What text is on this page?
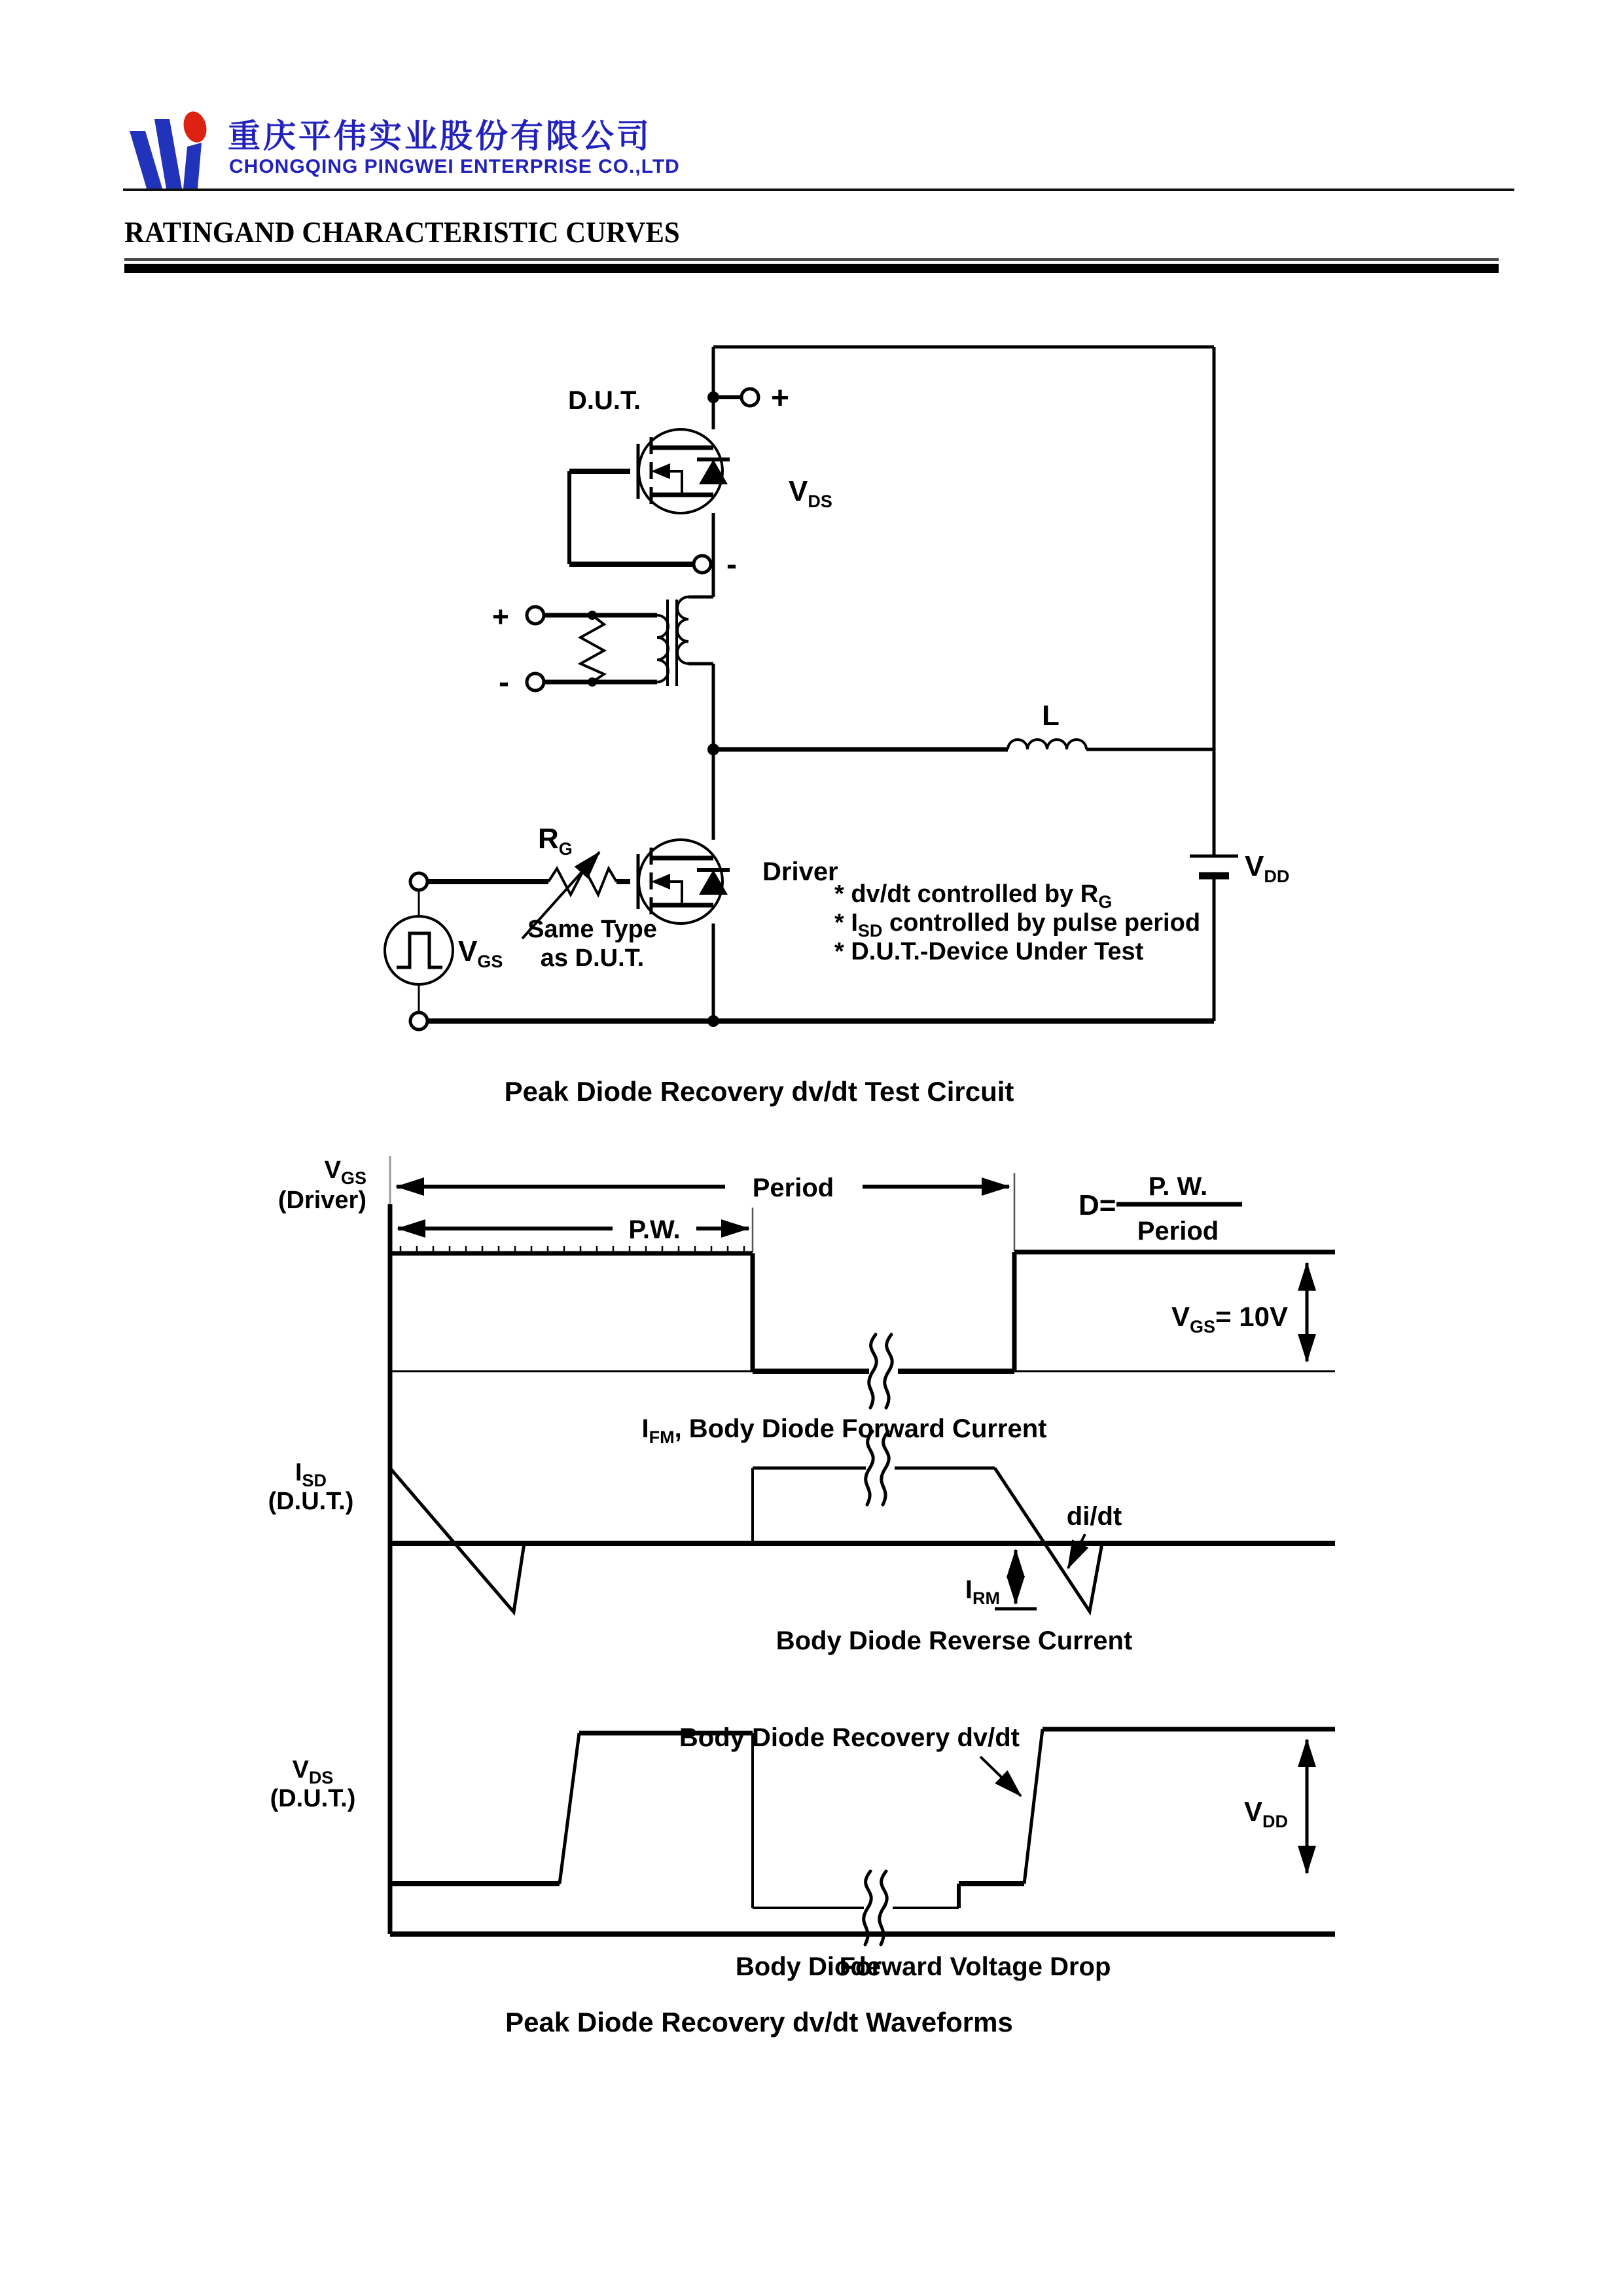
重庆平伟实业股份有限公司
CHONGQING PINGWEI ENTERPRISE CO.,LTD
RATINGAND CHARACTERISTIC CURVES
+
D.U.T.
-
$V_{DS}$
+
-
L
$R_G$
Driver
Same Type
as D.U.T.
$V_{GS}$
$V_{DD}$
* dv/dt controlled by $R_G$
* $I_{SD}$ controlled by pulse period
* D.U.T.-Device Under Test
Peak Diode Recovery dv/dt Test Circuit
$V_{GS}$
(Driver)	Period
P.W.
D=
P. W.
Period
$V_{GS}= 10V$
$I_{SD}$
(D.U.T.)
$I_{FM}$, Body Diode Forward Current
di/dt
$I_{RM}$
Body Diode Reverse Current
$V_{DS}$
(D.U.T.)
Body Diode Recovery dv/dt
$V_{DD}$
Body Diode
Forward Voltage Drop
Peak Diode Recovery dv/dt Waveforms
